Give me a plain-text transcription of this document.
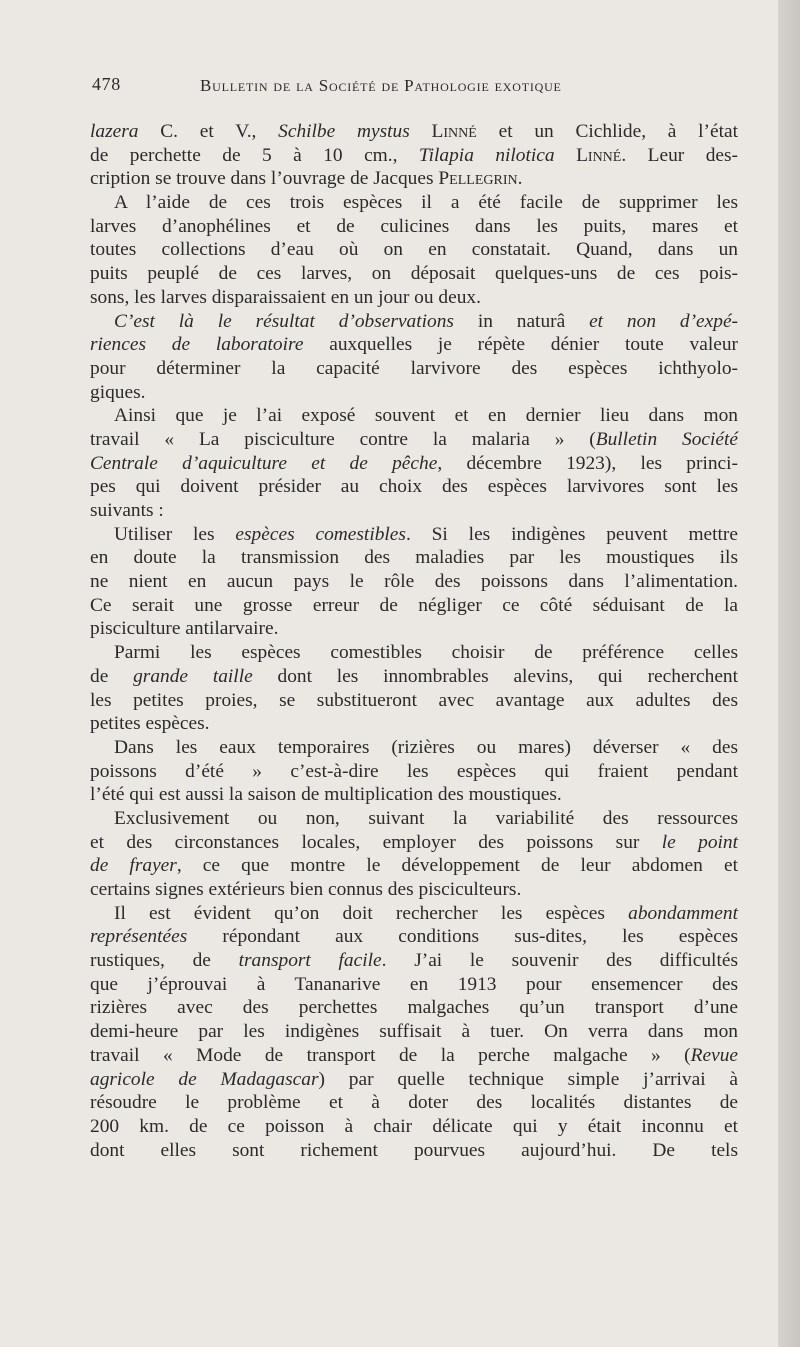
478	Bulletin de la Société de Pathologie exotique
lazera C. et V., Schilbe mystus Linné et un Cichlide, à l’état
de perchette de 5 à 10 cm., Tilapia nilotica Linné. Leur des-
cription se trouve dans l’ouvrage de Jacques Pellegrin.
A l’aide de ces trois espèces il a été facile de supprimer les
larves d’anophélines et de culicines dans les puits, mares et
toutes collections d’eau où on en constatait. Quand, dans un
puits peuplé de ces larves, on déposait quelques-uns de ces pois-
sons, les larves disparaissaient en un jour ou deux.
C’est là le résultat d’observations in naturâ et non d’expé-
riences de laboratoire auxquelles je répète dénier toute valeur
pour déterminer la capacité larvivore des espèces ichthyolo-
giques.
Ainsi que je l’ai exposé souvent et en dernier lieu dans mon
travail « La pisciculture contre la malaria » (Bulletin Société
Centrale d’aquiculture et de pêche, décembre 1923), les princi-
pes qui doivent présider au choix des espèces larvivores sont les
suivants :
Utiliser les espèces comestibles. Si les indigènes peuvent mettre
en doute la transmission des maladies par les moustiques ils
ne nient en aucun pays le rôle des poissons dans l’alimentation.
Ce serait une grosse erreur de négliger ce côté séduisant de la
pisciculture antilarvaire.
Parmi les espèces comestibles choisir de préférence celles
de grande taille dont les innombrables alevins, qui recherchent
les petites proies, se substitueront avec avantage aux adultes des
petites espèces.
Dans les eaux temporaires (rizières ou mares) déverser « des
poissons d’été » c’est-à-dire les espèces qui fraient pendant
l’été qui est aussi la saison de multiplication des moustiques.
Exclusivement ou non, suivant la variabilité des ressources
et des circonstances locales, employer des poissons sur le point
de frayer, ce que montre le développement de leur abdomen et
certains signes extérieurs bien connus des pisciculteurs.
Il est évident qu’on doit rechercher les espèces abondamment
représentées répondant aux conditions sus-dites, les espèces
rustiques, de transport facile. J’ai le souvenir des difficultés
que j’éprouvai à Tananarive en 1913 pour ensemencer des
rizières avec des perchettes malgaches qu’un transport d’une
demi-heure par les indigènes suffisait à tuer. On verra dans mon
travail « Mode de transport de la perche malgache » (Revue
agricole de Madagascar) par quelle technique simple j’arrivai à
résoudre le problème et à doter des localités distantes de
200 km. de ce poisson à chair délicate qui y était inconnu et
dont elles sont richement pourvues aujourd’hui. De tels
